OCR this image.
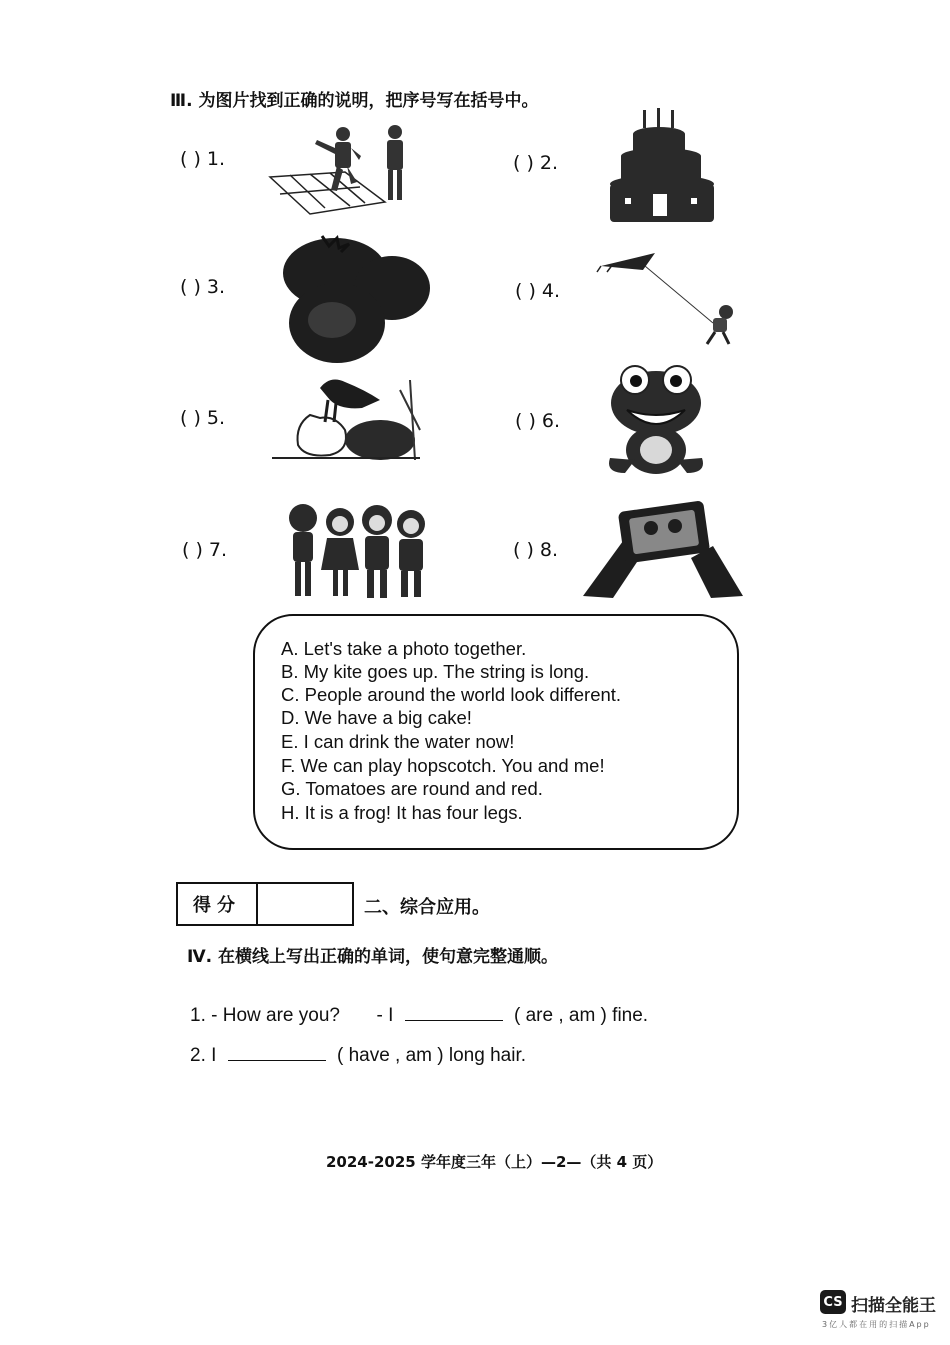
Ⅲ. 为图片找到正确的说明，把序号写在括号中。
( ) 1.	( ) 2.
( ) 3.	( ) 4.
( ) 5.	( ) 6.
( ) 7.	( ) 8.
A. Let's take a photo together.
B. My kite goes up. The string is long.
C. People around the world look different.
D. We have a big cake!
E. I can drink the water now!
F. We can play hopscotch. You and me!
G. Tomatoes are round and red.
H. It is a frog! It has four legs.
得分	二、综合应用。
Ⅳ. 在横线上写出正确的单词，使句意完整通顺。
1. - How are you? - I	( are , am ) fine.
2. I	( have , am ) long hair.
2024-2025 学年度三年（上）—2—（共 4 页）
CS 扫描全能王
3亿人都在用的扫描App
